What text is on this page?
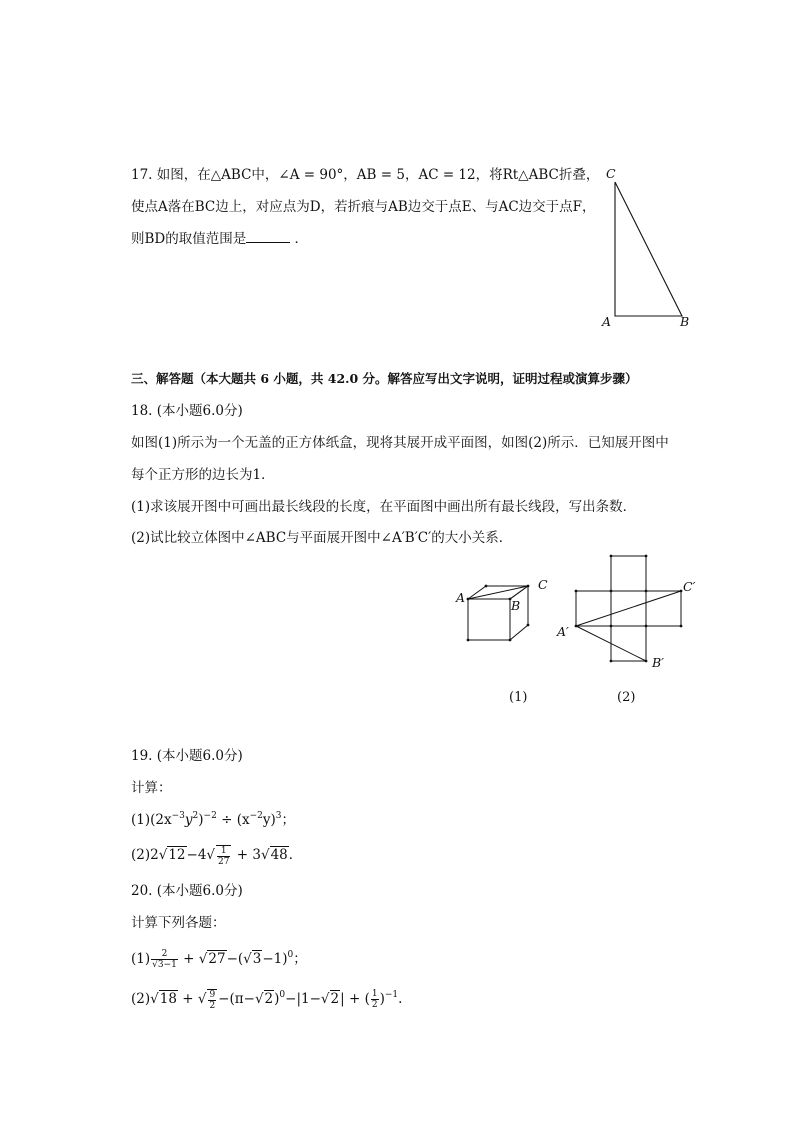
17. 如图，在△ABC中，∠A = 90°，AB = 5，AC = 12，将Rt△ABC折叠，
使点A落在BC边上，对应点为D，若折痕与AB边交于点E、与AC边交于点F，
则BD的取值范围是	．
C
A	B
三、解答题（本大题共 6 小题，共 42.0 分。解答应写出文字说明，证明过程或演算步骤）
18. (本小题6.0分)
如图(1)所示为一个无盖的正方体纸盒，现将其展开成平面图，如图(2)所示．已知展开图中
每个正方形的边长为1．
(1)求该展开图中可画出最长线段的长度，在平面图中画出所有最长线段，写出条数．
(2)试比较立体图中∠ABC与平面展开图中∠A′B′C′的大小关系．
A
B
C
A′
B′
C′
(1)	(2)
19. (本小题6.0分)
计算：
$(1)(2x^{-3}y^2)^{-2} \div (x^{-2}y)^3$；
$(2)2√12-4√ \frac{1}{27} + 3√48$．
20. (本小题6.0分)
计算下列各题：
$(1) \frac{2}{√3-1} + √27-(√3-1)^0$；
(2)√18 + √ $\frac{9}{2} -(\pi-√2)^0-|1-√2|$ + ( $\frac{1}{2} )^{-1}$.
